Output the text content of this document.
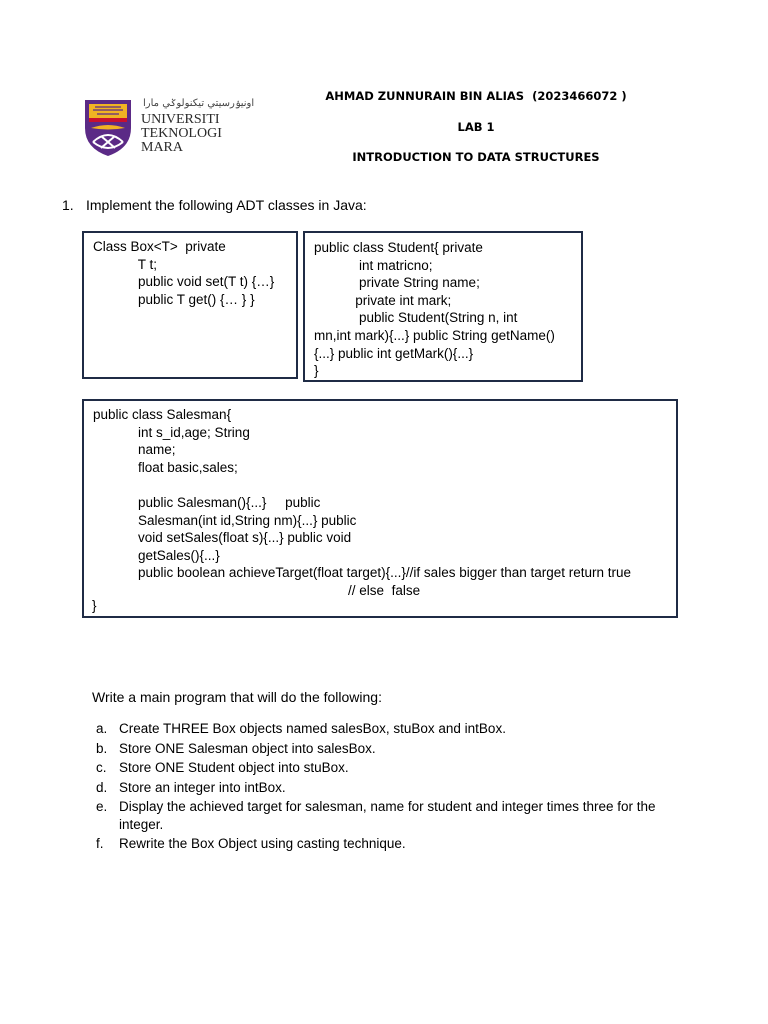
AHMAD ZUNNURAIN BIN ALIAS  (2023466072 )
LAB 1
INTRODUCTION TO DATA STRUCTURES
اونيۏرسيتي تيكنولوݢي مارا
UNIVERSITI
TEKNOLOGI
MARA
1. Implement the following ADT classes in Java:
Class Box<T>  private
T t;
public void set(T t) {…}
public T get() {… } }
public class Student{ private
int matricno;
private String name;
private int mark;
public Student(String n, int
mn,int mark){...} public String getName()
{...} public int getMark(){...}
}
public class Salesman{
int s_id,age; String
name;
float basic,sales;

public Salesman(){...}     public
Salesman(int id,String nm){...} public
void setSales(float s){...} public void
getSales(){...}
public boolean achieveTarget(float target){...}//if sales bigger than target return true
// else  false
}
Write a main program that will do the following:
a. Create THREE Box objects named salesBox, stuBox and intBox.
b. Store ONE Salesman object into salesBox.
c. Store ONE Student object into stuBox.
d. Store an integer into intBox.
e. Display the achieved target for salesman, name for student and integer times three for the integer.
f.	Rewrite the Box Object using casting technique.
